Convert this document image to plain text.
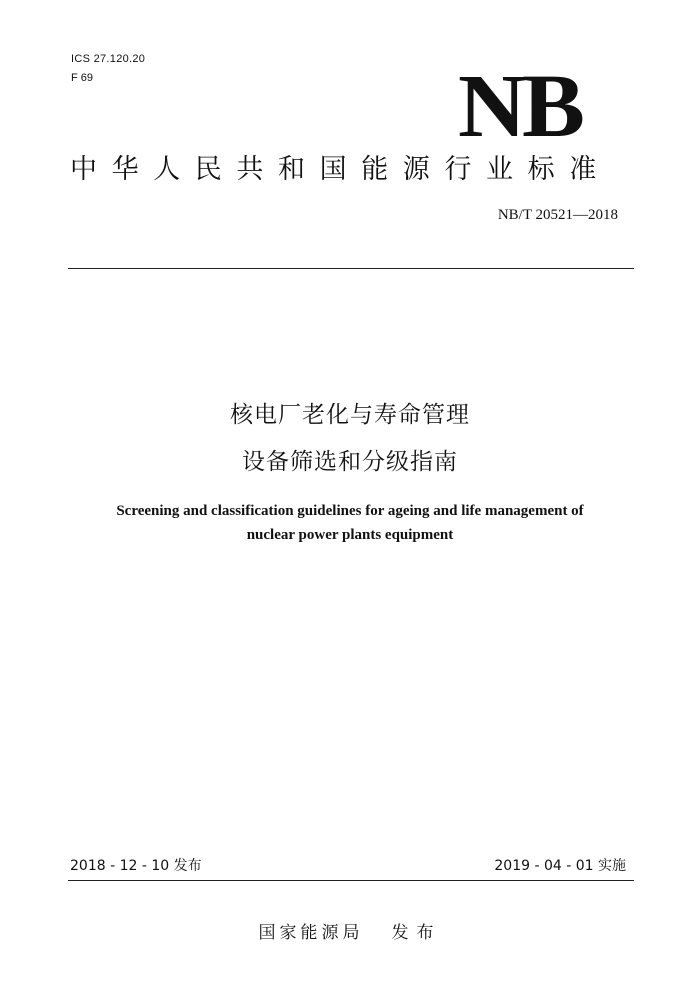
ICS 27.120.20
F 69	NB
中华人民共和国能源行业标准
NB/T 20521—2018
核电厂老化与寿命管理
设备筛选和分级指南
Screening and classification guidelines for ageing and life management of
nuclear power plants equipment
2018 - 12 - 10 发布	2019 - 04 - 01 实施
国家能源局 发布
